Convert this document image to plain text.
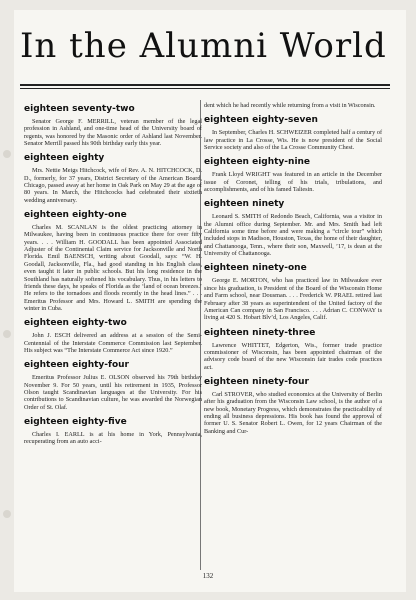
In the Alumni World
eighteen seventy-two

Senator George F. MERRILL, veteran member of the legal profession in Ashland, and one-time head of the University board of regents, was honored by the Masonic order of Ashland last November. Senator Merrill passed his 90th birthday early this year.

eighteen eighty

Mrs. Nettie Meigs Hitchcock, wife of Rev. A. N. HITCHCOCK, D. D., formerly, for 37 years, District Secretary of the American Board, Chicago, passed away at her home in Oak Park on May 29 at the age of 80 years. In March, the Hitchcocks had celebrated their sixtieth wedding anniversary.

eighteen eighty-one

Charles M. SCANLAN is the oldest practicing attorney in Milwaukee, having been in continuous practice there for over fifty years. . . . William H. GOODALL has been appointed Associated Adjuster of the Continental Claim service for Jacksonville and North Florida. Emil BAENSCH, writing about Goodall, says: “W. H. Goodall, Jacksonville, Fla., had good standing in his English class, even taught it later in public schools. But his long residence in the Southland has naturally softened his vocabulary. Thus, in his letters to friends these days, he speaks of Florida as the ‘land of ocean breezes.’ He refers to the tornadoes and floods recently in the head lines.” . . . Emeritus Professor and Mrs. Howard L. SMITH are spending the winter in Cuba.

eighteen eighty-two

John J. ESCH delivered an address at a session of the Semi-Centennial of the Interstate Commerce Commission last September. His subject was “The Interstate Commerce Act since 1920.”

eighteen eighty-four

Emeritus Professor Julius E. OLSON observed his 79th birthday November 9. For 50 years, until his retirement in 1935, Professor Olson taught Scandinavian languages at the University. For his contributions to Scandinavian culture, he was awarded the Norwegian Order of St. Olaf.

eighteen eighty-five

Charles I. EARLL is at his home in York, Pennsylvania, recuperating from an auto acci-

dent which he had recently while returning from a visit in Wisconsin.

eighteen eighty-seven

In September, Charles H. SCHWEIZER completed half a century of law practice in La Crosse, Wis. He is now president of the Social Service society and also of the La Crosse Community Chest.

eighteen eighty-nine

Frank Lloyd WRIGHT was featured in an article in the December issue of Coronet, telling of his trials, tribulations, and accomplishments, and of his famed Taliesin.

eighteen ninety

Leonard S. SMITH of Redondo Beach, California, was a visitor in the Alumni office during September. Mr. and Mrs. Smith had left California some time before and were making a “circle tour” which included stops in Madison, Houston, Texas, the home of their daughter, and Chattanooga, Tenn., where their son, Maxwell, ’17, is dean at the University of Chattanooga.

eighteen ninety-one

George E. MORTON, who has practiced law in Milwaukee ever since his graduation, is President of the Board of the Wisconsin Home and Farm school, near Dousman. . . . Frederick W. PRAEL retired last February after 38 years as superintendent of the United factory of the American Can company in San Francisco. . . . Adrian C. CONWAY is living at 420 S. Hobart Blv’d, Los Angeles, Calif.

eighteen ninety-three

Lawrence WHITTET, Edgerton, Wis., former trade practice commissioner of Wisconsin, has been appointed chairman of the advisory code board of the new Wisconsin fair trades code practices act.

eighteen ninety-four

Carl STROVER, who studied economics at the University of Berlin after his graduation from the Wisconsin Law school, is the author of a new book, Monetary Progress, which demonstrates the practicability of ending all business depressions. His book has found the approval of former U. S. Senator Robert L. Owen, for 12 years Chairman of the Banking and Cur-

132
